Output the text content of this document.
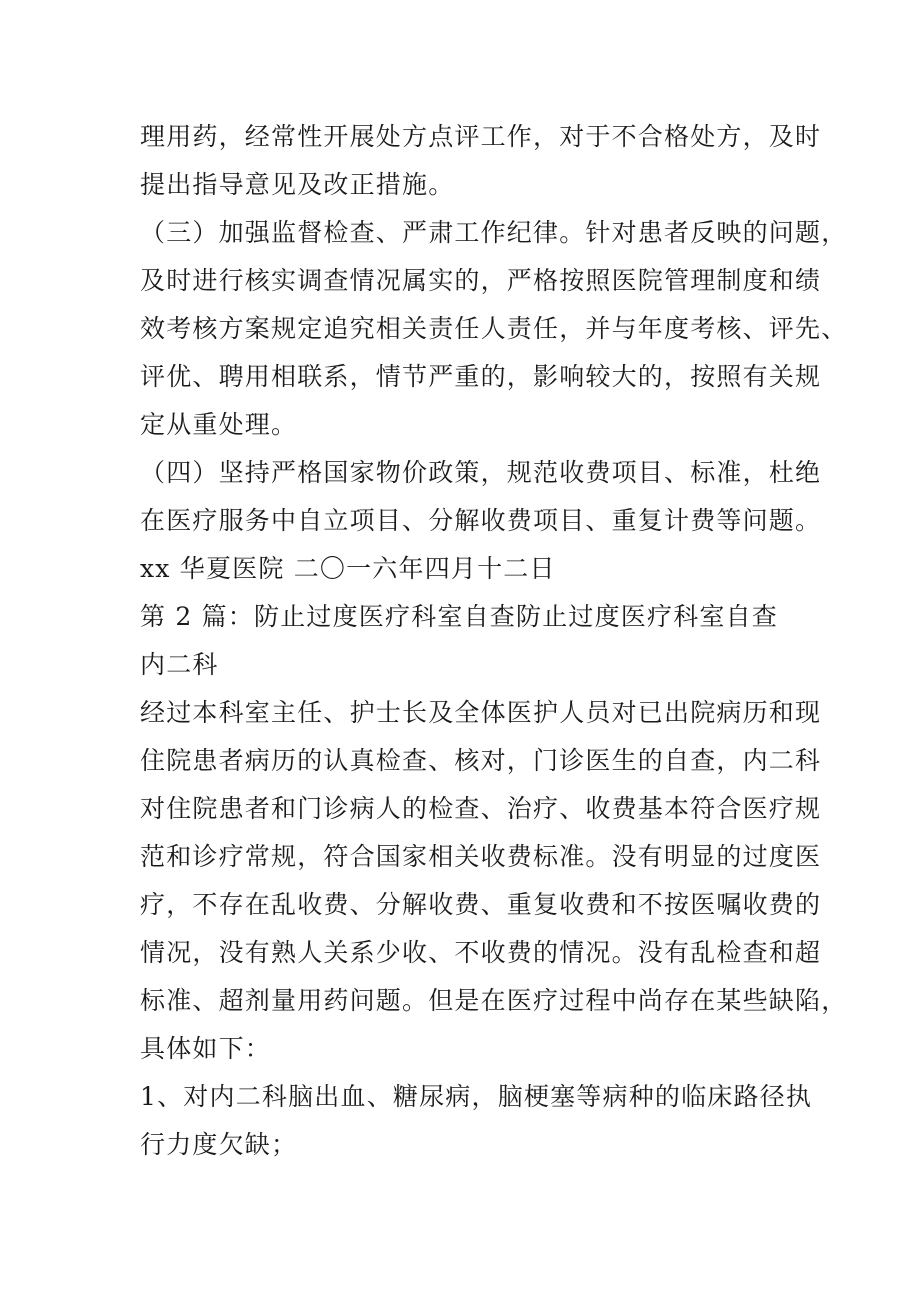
理用药，经常性开展处方点评工作，对于不合格处方，及时
提出指导意见及改正措施。
（三）加强监督检查、严肃工作纪律。针对患者反映的问题，
及时进行核实调查情况属实的，严格按照医院管理制度和绩
效考核方案规定追究相关责任人责任，并与年度考核、评先、
评优、聘用相联系，情节严重的，影响较大的，按照有关规
定从重处理。
（四）坚持严格国家物价政策，规范收费项目、标准，杜绝
在医疗服务中自立项目、分解收费项目、重复计费等问题。
xx 华夏医院 二〇一六年四月十二日
第 2 篇：防止过度医疗科室自查防止过度医疗科室自查
内二科
经过本科室主任、护士长及全体医护人员对已出院病历和现
住院患者病历的认真检查、核对，门诊医生的自查，内二科
对住院患者和门诊病人的检查、治疗、收费基本符合医疗规
范和诊疗常规，符合国家相关收费标准。没有明显的过度医
疗，不存在乱收费、分解收费、重复收费和不按医嘱收费的
情况，没有熟人关系少收、不收费的情况。没有乱检查和超
标准、超剂量用药问题。但是在医疗过程中尚存在某些缺陷，
具体如下：
1、对内二科脑出血、糖尿病，脑梗塞等病种的临床路径执
行力度欠缺；
